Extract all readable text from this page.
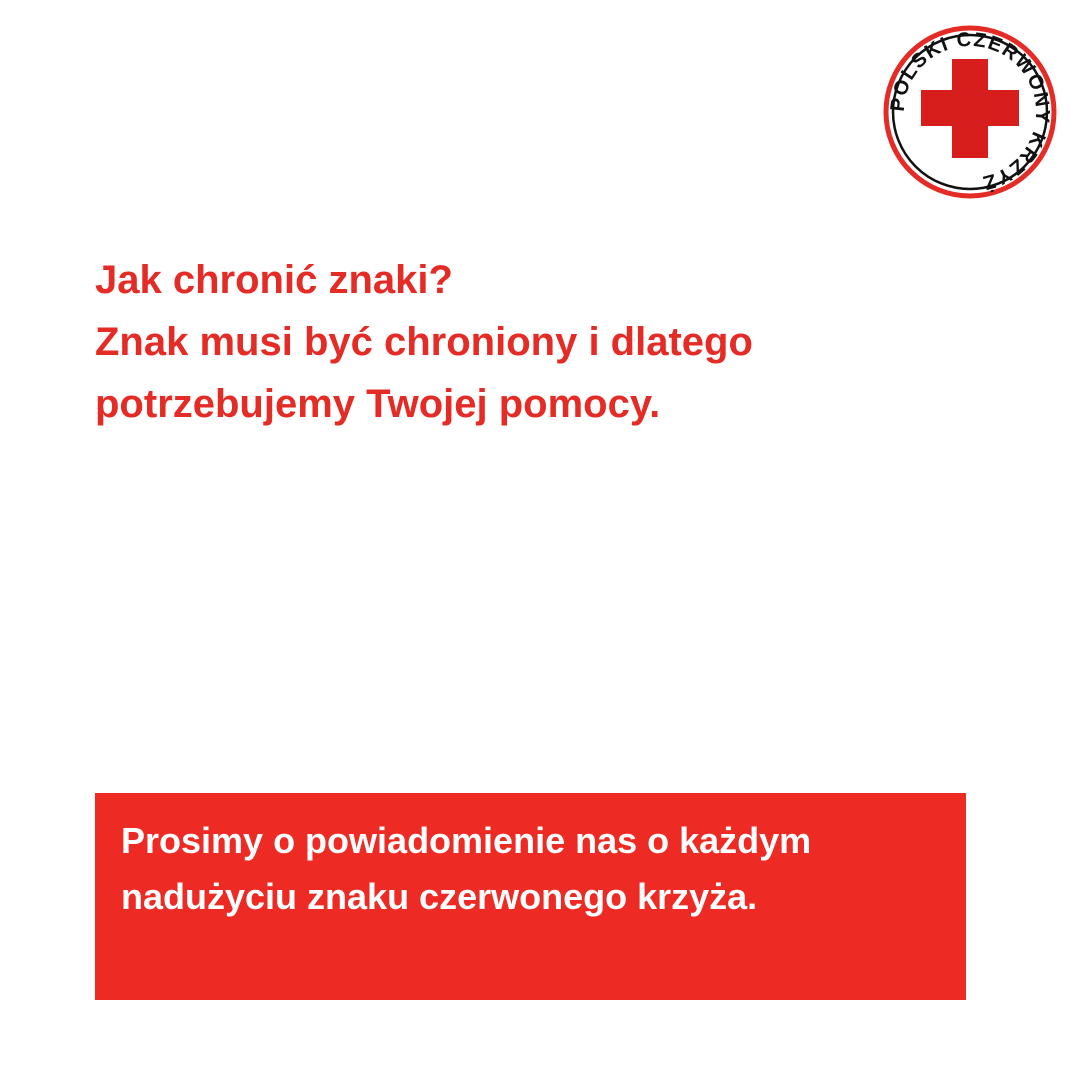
POLSKI CZERWONY KRZYŻ
Jak chronić znaki?
Znak musi być chroniony i dlatego
potrzebujemy Twojej pomocy.

Prosimy o powiadomienie nas o każdym
nadużyciu znaku czerwonego krzyża.
